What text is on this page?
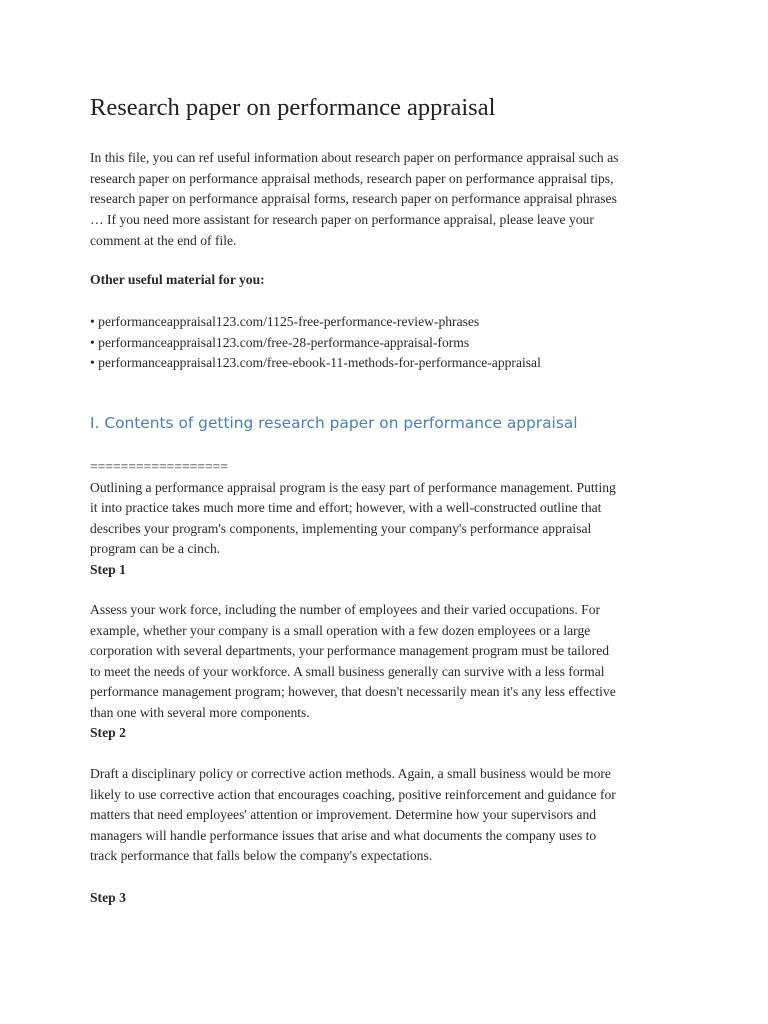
Research paper on performance appraisal

In this file, you can ref useful information about research paper on performance appraisal such as
research paper on performance appraisal methods, research paper on performance appraisal tips,
research paper on performance appraisal forms, research paper on performance appraisal phrases
… If you need more assistant for research paper on performance appraisal, please leave your
comment at the end of file.

Other useful material for you:

• performanceappraisal123.com/1125-free-performance-review-phrases
• performanceappraisal123.com/free-28-performance-appraisal-forms
• performanceappraisal123.com/free-ebook-11-methods-for-performance-appraisal
I. Contents of getting research paper on performance appraisal
==================
Outlining a performance appraisal program is the easy part of performance management. Putting
it into practice takes much more time and effort; however, with a well-constructed outline that
describes your program's components, implementing your company's performance appraisal
program can be a cinch.

Step 1

Assess your work force, including the number of employees and their varied occupations. For
example, whether your company is a small operation with a few dozen employees or a large
corporation with several departments, your performance management program must be tailored
to meet the needs of your workforce. A small business generally can survive with a less formal
performance management program; however, that doesn't necessarily mean it's any less effective
than one with several more components.

Step 2

Draft a disciplinary policy or corrective action methods. Again, a small business would be more
likely to use corrective action that encourages coaching, positive reinforcement and guidance for
matters that need employees' attention or improvement. Determine how your supervisors and
managers will handle performance issues that arise and what documents the company uses to
track performance that falls below the company's expectations.

Step 3
